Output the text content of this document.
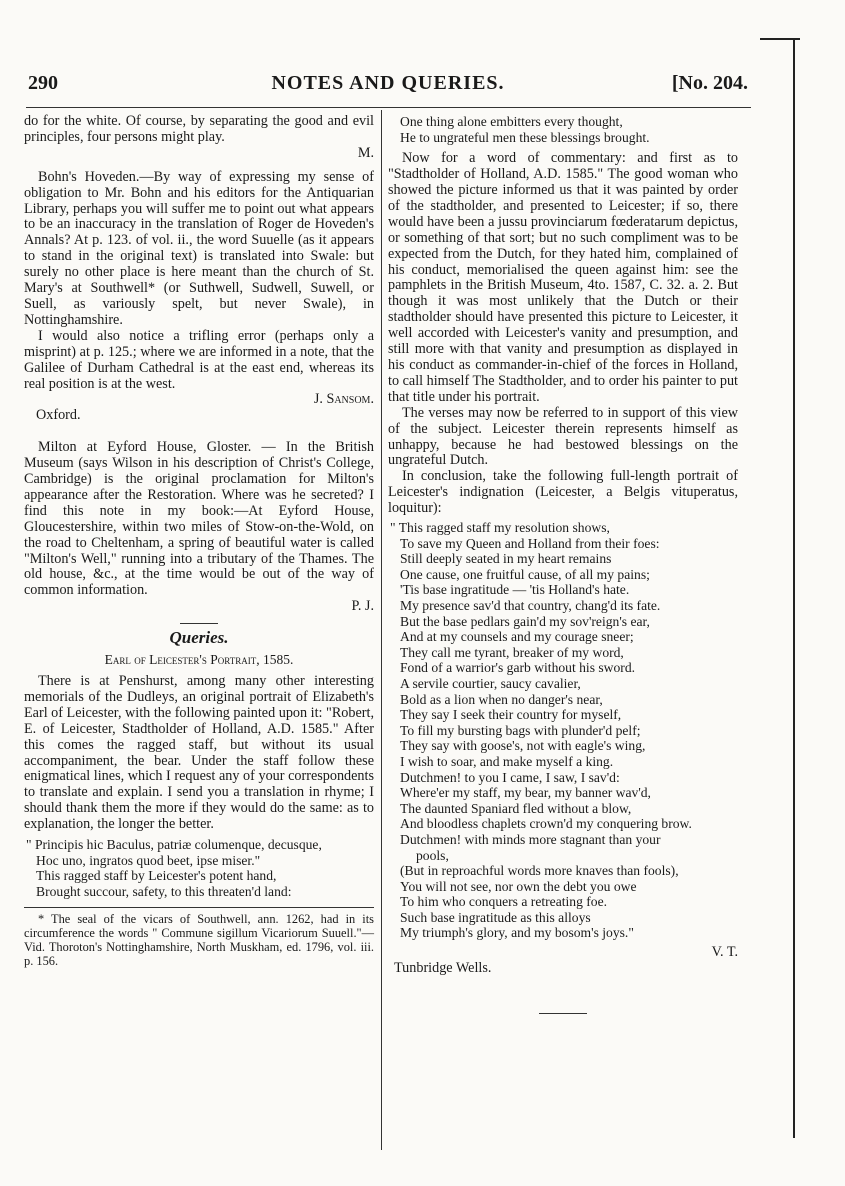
290	NOTES AND QUERIES.	[No. 204.

do for the white. Of course, by separating the good and evil principles, four persons might play.

M.

Bohn's Hoveden.—By way of expressing my sense of obligation to Mr. Bohn and his editors for the Antiquarian Library, perhaps you will suffer me to point out what appears to be an inaccuracy in the translation of Roger de Hoveden's Annals? At p. 123. of vol. ii., the word Suuelle (as it appears to stand in the original text) is translated into Swale: but surely no other place is here meant than the church of St. Mary's at Southwell* (or Suthwell, Sudwell, Suwell, or Suell, as variously spelt, but never Swale), in Nottinghamshire.

I would also notice a trifling error (perhaps only a misprint) at p. 125.; where we are informed in a note, that the Galilee of Durham Cathedral is at the east end, whereas its real position is at the west.

J. Sansom.

Oxford.

Milton at Eyford House, Gloster. — In the British Museum (says Wilson in his description of Christ's College, Cambridge) is the original proclamation for Milton's appearance after the Restoration. Where was he secreted? I find this note in my book:—At Eyford House, Gloucestershire, within two miles of Stow-on-the-Wold, on the road to Cheltenham, a spring of beautiful water is called "Milton's Well," running into a tributary of the Thames. The old house, &c., at the time would be out of the way of common information.

P. J.

Queries.
Earl of Leicester's Portrait, 1585.

There is at Penshurst, among many other interesting memorials of the Dudleys, an original portrait of Elizabeth's Earl of Leicester, with the following painted upon it: "Robert, E. of Leicester, Stadtholder of Holland, A.D. 1585." After this comes the ragged staff, but without its usual accompaniment, the bear. Under the staff follow these enigmatical lines, which I request any of your correspondents to translate and explain. I send you a translation in rhyme; I should thank them the more if they would do the same: as to explanation, the longer the better.

" Principis hic Baculus, patriæ columenque, decusque,
Hoc uno, ingratos quod beet, ipse miser."
This ragged staff by Leicester's potent hand,
Brought succour, safety, to this threaten'd land:

* The seal of the vicars of Southwell, ann. 1262, had in its circumference the words " Commune sigillum Vicariorum Suuell."—Vid. Thoroton's Nottinghamshire, North Muskham, ed. 1796, vol. iii. p. 156.

One thing alone embitters every thought,
He to ungrateful men these blessings brought.

Now for a word of commentary: and first as to "Stadtholder of Holland, A.D. 1585." The good woman who showed the picture informed us that it was painted by order of the stadtholder, and presented to Leicester; if so, there would have been a jussu provinciarum fœderatarum depictus, or something of that sort; but no such compliment was to be expected from the Dutch, for they hated him, complained of his conduct, memorialised the queen against him: see the pamphlets in the British Museum, 4to. 1587, C. 32. a. 2. But though it was most unlikely that the Dutch or their stadtholder should have presented this picture to Leicester, it well accorded with Leicester's vanity and presumption, and still more with that vanity and presumption as displayed in his conduct as commander-in-chief of the forces in Holland, to call himself The Stadtholder, and to order his painter to put that title under his portrait.

The verses may now be referred to in support of this view of the subject. Leicester therein represents himself as unhappy, because he had bestowed blessings on the ungrateful Dutch.

In conclusion, take the following full-length portrait of Leicester's indignation (Leicester, a Belgis vituperatus, loquitur):

" This ragged staff my resolution shows,
To save my Queen and Holland from their foes:
Still deeply seated in my heart remains
One cause, one fruitful cause, of all my pains;
'Tis base ingratitude — 'tis Holland's hate.
My presence sav'd that country, chang'd its fate.
But the base pedlars gain'd my sov'reign's ear,
And at my counsels and my courage sneer;
They call me tyrant, breaker of my word,
Fond of a warrior's garb without his sword.
A servile courtier, saucy cavalier,
Bold as a lion when no danger's near,
They say I seek their country for myself,
To fill my bursting bags with plunder'd pelf;
They say with goose's, not with eagle's wing,
I wish to soar, and make myself a king.
Dutchmen! to you I came, I saw, I sav'd:
Where'er my staff, my bear, my banner wav'd,
The daunted Spaniard fled without a blow,
And bloodless chaplets crown'd my conquering brow.
Dutchmen! with minds more stagnant than your
pools,
(But in reproachful words more knaves than fools),
You will not see, nor own the debt you owe
To him who conquers a retreating foe.
Such base ingratitude as this alloys
My triumph's glory, and my bosom's joys."

V. T.

Tunbridge Wells.
